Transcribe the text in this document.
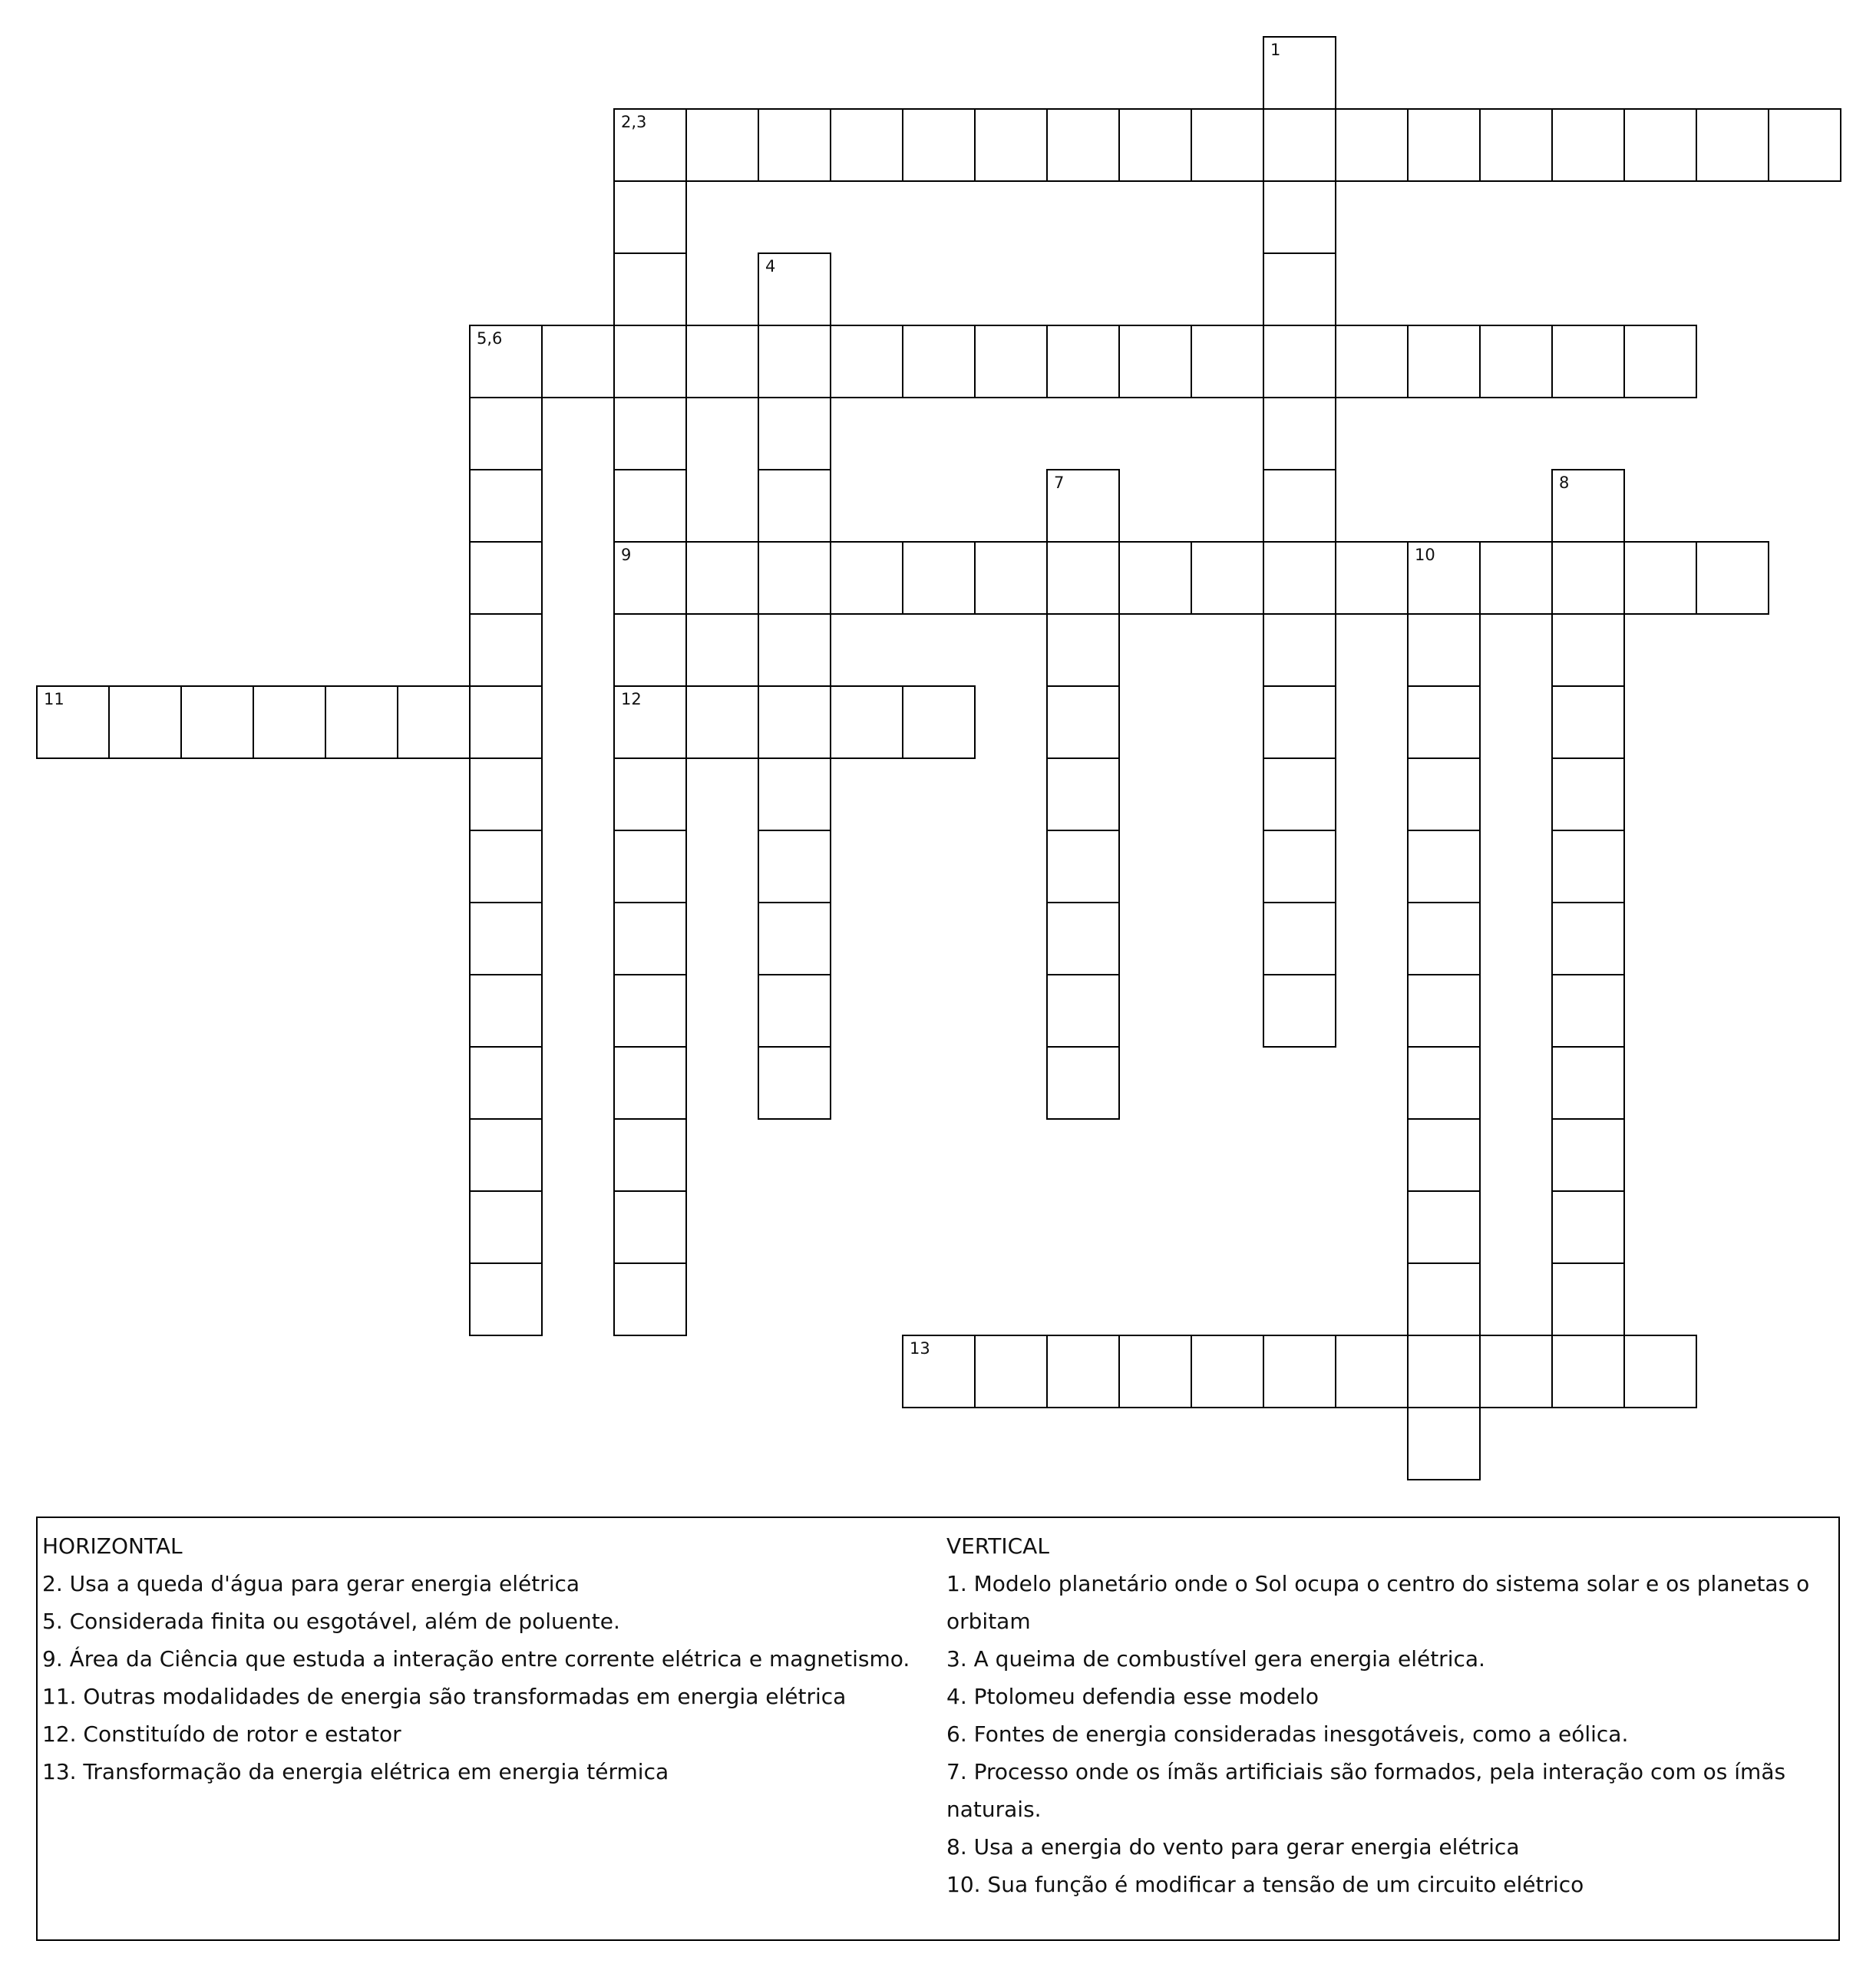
2,3
5,6
9	10
11	12
13
1
4
7	8
HORIZONTAL
2. Usa a queda d'água para gerar energia elétrica
5. Considerada finita ou esgotável, além de poluente.
9. Área da Ciência que estuda a interação entre corrente elétrica e magnetismo.
11. Outras modalidades de energia são transformadas em energia elétrica
12. Constituído de rotor e estator
13. Transformação da energia elétrica em energia térmica
VERTICAL
1. Modelo planetário onde o Sol ocupa o centro do sistema solar e os planetas o orbitam
3. A queima de combustível gera energia elétrica.
4. Ptolomeu defendia esse modelo
6. Fontes de energia consideradas inesgotáveis, como a eólica.
7. Processo onde os ímãs artificiais são formados, pela interação com os ímãs naturais.
8. Usa a energia do vento para gerar energia elétrica
10. Sua função é modificar a tensão de um circuito elétrico
